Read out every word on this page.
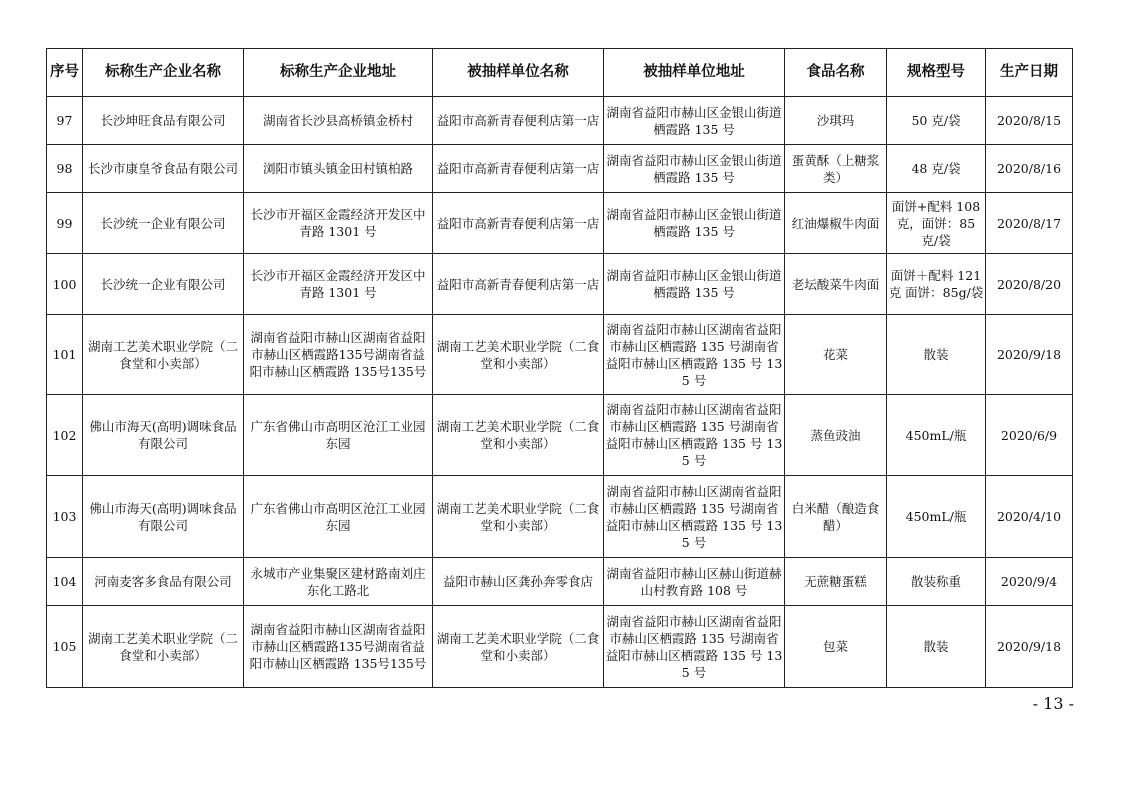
序号	标称生产企业名称	标称生产企业地址	被抽样单位名称	被抽样单位地址	食品名称	规格型号	生产日期
97	长沙坤旺食品有限公司	湖南省长沙县高桥镇金桥村	益阳市高新青春便利店第一店	湖南省益阳市赫山区金银山街道栖霞路 135 号	沙琪玛	50 克/袋	2020/8/15
98	长沙市康皇爷食品有限公司	浏阳市镇头镇金田村镇柏路	益阳市高新青春便利店第一店	湖南省益阳市赫山区金银山街道栖霞路 135 号	蛋黄酥（上糖浆类）	48 克/袋	2020/8/16
99	长沙统一企业有限公司	长沙市开福区金霞经济开发区中青路 1301 号	益阳市高新青春便利店第一店	湖南省益阳市赫山区金银山街道栖霞路 135 号	红油爆椒牛肉面	面饼+配料 108 克，面饼：85 克/袋	2020/8/17
100	长沙统一企业有限公司	长沙市开福区金霞经济开发区中青路 1301 号	益阳市高新青春便利店第一店	湖南省益阳市赫山区金银山街道栖霞路 135 号	老坛酸菜牛肉面	面饼＋配料 121 克 面饼：85g/袋	2020/8/20
101	湖南工艺美术职业学院（二食堂和小卖部）	湖南省益阳市赫山区湖南省益阳市赫山区栖霞路135号湖南省益阳市赫山区栖霞路 135号135号	湖南工艺美术职业学院（二食堂和小卖部）	湖南省益阳市赫山区湖南省益阳市赫山区栖霞路 135 号湖南省益阳市赫山区栖霞路 135 号 135 号	花菜	散装	2020/9/18
102	佛山市海天(高明)调味食品有限公司	广东省佛山市高明区沧江工业园东园	湖南工艺美术职业学院（二食堂和小卖部）	湖南省益阳市赫山区湖南省益阳市赫山区栖霞路 135 号湖南省益阳市赫山区栖霞路 135 号 135 号	蒸鱼豉油	450mL/瓶	2020/6/9
103	佛山市海天(高明)调味食品有限公司	广东省佛山市高明区沧江工业园东园	湖南工艺美术职业学院（二食堂和小卖部）	湖南省益阳市赫山区湖南省益阳市赫山区栖霞路 135 号湖南省益阳市赫山区栖霞路 135 号 135 号	白米醋（酿造食醋）	450mL/瓶	2020/4/10
104	河南麦客多食品有限公司	永城市产业集聚区建材路南刘庄东化工路北	益阳市赫山区龚孙奔零食店	湖南省益阳市赫山区赫山街道赫山村教育路 108 号	无蔗糖蛋糕	散装称重	2020/9/4
105	湖南工艺美术职业学院（二食堂和小卖部）	湖南省益阳市赫山区湖南省益阳市赫山区栖霞路135号湖南省益阳市赫山区栖霞路 135号135号	湖南工艺美术职业学院（二食堂和小卖部）	湖南省益阳市赫山区湖南省益阳市赫山区栖霞路 135 号湖南省益阳市赫山区栖霞路 135 号 135 号	包菜	散装	2020/9/18
- 13 -
